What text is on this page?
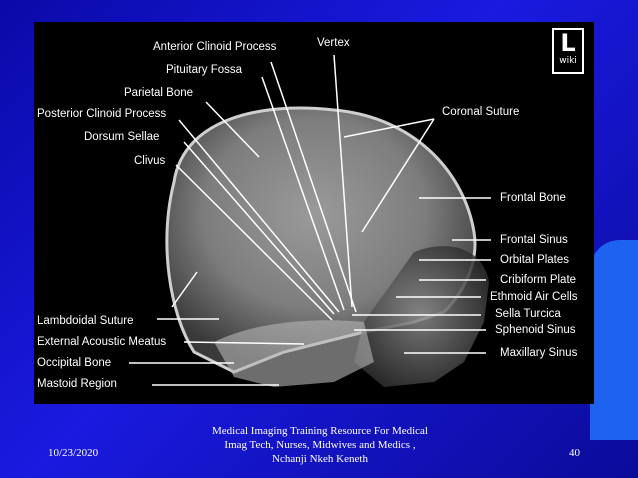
L
wiki
Anterior Clinoid Process	Vertex
Pituitary Fossa
Parietal Bone
Posterior Clinoid Process	Coronal Suture
Dorsum Sellae
Clivus
Frontal Bone
Frontal Sinus
Orbital Plates
Cribiform Plate
Ethmoid Air Cells
Sella Turcica
Sphenoid Sinus
Lambdoidal Suture
External Acoustic Meatus
Occipital Bone
Mastoid Region
Maxillary Sinus
10/23/2020
Medical Imaging Training Resource For Medical Imag Tech, Nurses, Midwives and Medics , Nchanji Nkeh Keneth	40
